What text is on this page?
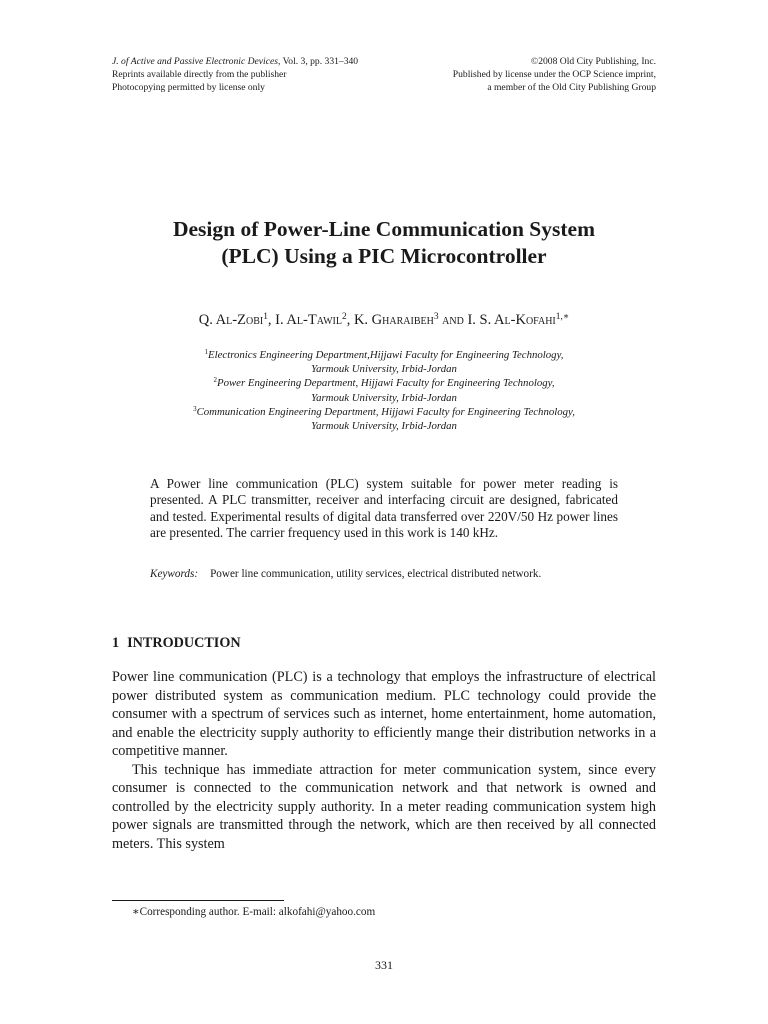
J. of Active and Passive Electronic Devices, Vol. 3, pp. 331–340
Reprints available directly from the publisher
Photocopying permitted by license only
©2008 Old City Publishing, Inc.
Published by license under the OCP Science imprint,
a member of the Old City Publishing Group
Design of Power-Line Communication System
(PLC) Using a PIC Microcontroller
Q. Al-Zobi$^1$, I. Al-Tawil$^2$, K. Gharaibeh$^3$ and I. S. Al-Kofahi$^{1,∗}$
$^1$Electronics Engineering Department,Hijjawi Faculty for Engineering Technology,
Yarmouk University, Irbid-Jordan
$^2$Power Engineering Department, Hijjawi Faculty for Engineering Technology,
Yarmouk University, Irbid-Jordan
$^3$Communication Engineering Department, Hijjawi Faculty for Engineering Technology,
Yarmouk University, Irbid-Jordan

A Power line communication (PLC) system suitable for power meter reading is presented. A PLC transmitter, receiver and interfacing circuit are designed, fabricated and tested. Experimental results of digital data transferred over 220V/50 Hz power lines are presented. The carrier frequency used in this work is 140 kHz.

Keywords: Power line communication, utility services, electrical distributed network.
1 INTRODUCTION

Power line communication (PLC) is a technology that employs the infrastructure of electrical power distributed system as communication medium. PLC technology could provide the consumer with a spectrum of services such as internet, home entertainment, home automation, and enable the electricity supply authority to efficiently mange their distribution networks in a competitive manner.

This technique has immediate attraction for meter communication system, since every consumer is connected to the communication network and that network is owned and controlled by the electricity supply authority. In a meter reading communication system high power signals are transmitted through the network, which are then received by all connected meters. This system

∗Corresponding author. E-mail: alkofahi@yahoo.com
331
